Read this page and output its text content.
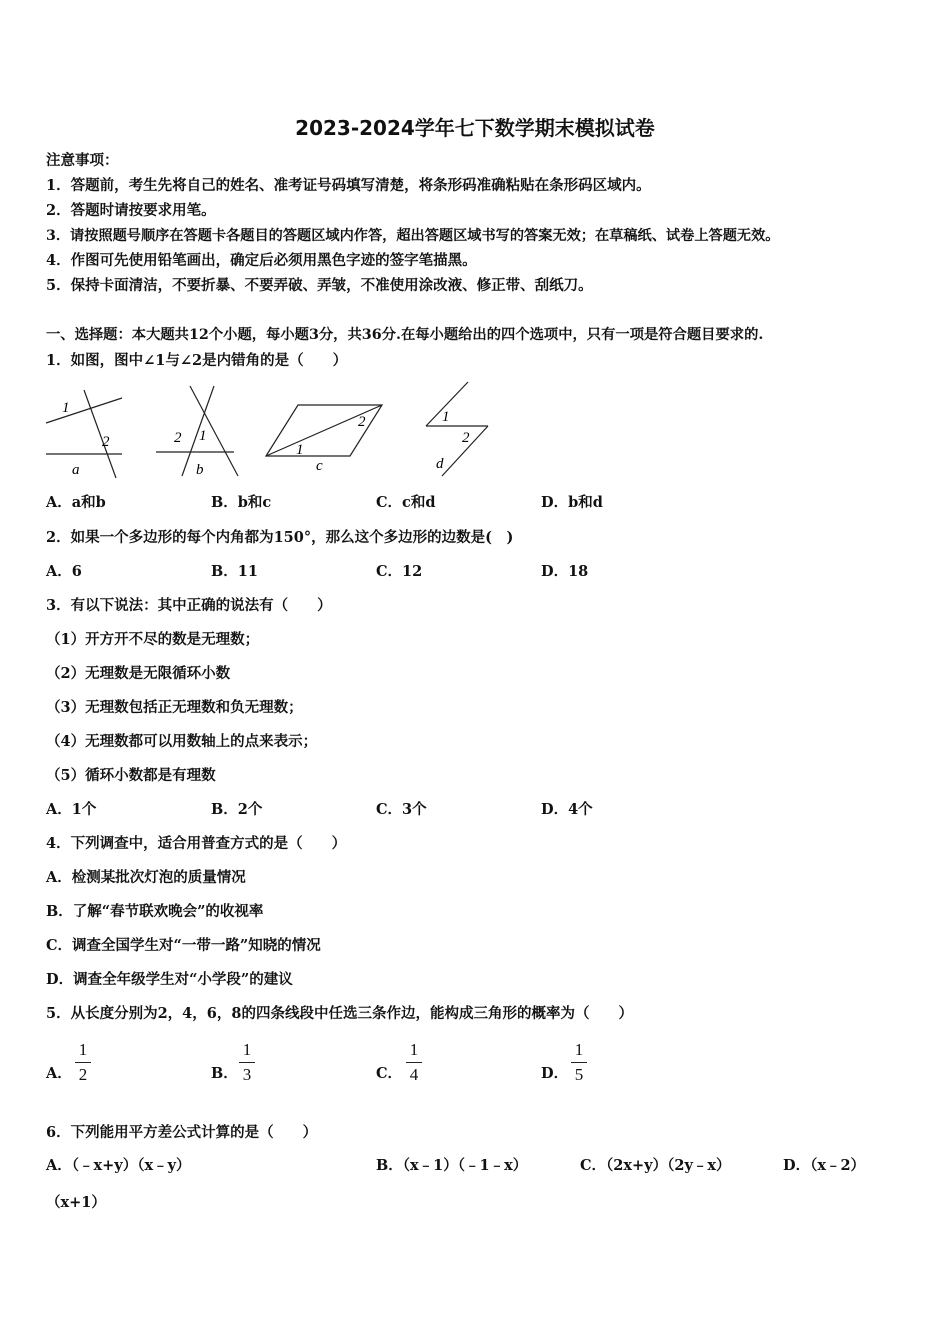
2023-2024学年七下数学期末模拟试卷
注意事项：
1．答题前，考生先将自己的姓名、准考证号码填写清楚，将条形码准确粘贴在条形码区域内。
2．答题时请按要求用笔。
3．请按照题号顺序在答题卡各题目的答题区域内作答，超出答题区域书写的答案无效；在草稿纸、试卷上答题无效。
4．作图可先使用铅笔画出，确定后必须用黑色字迹的签字笔描黑。
5．保持卡面清洁，不要折暴、不要弄破、弄皱，不准使用涂改液、修正带、刮纸刀。
一、选择题：本大题共12个小题，每小题3分，共36分.在每小题给出的四个选项中，只有一项是符合题目要求的.
1．如图，图中∠1与∠2是内错角的是（　　）
1
2
a
2 1
b
1
2
c
1
2
d
A．a和b	B．b和c	C．c和d	D．b和d
2．如果一个多边形的每个内角都为150°，那么这个多边形的边数是(　)
A．6	B．11	C．12	D．18
3．有以下说法：其中正确的说法有（　　）
（1）开方开不尽的数是无理数；
（2）无理数是无限循环小数
（3）无理数包括正无理数和负无理数；
（4）无理数都可以用数轴上的点来表示；
（5）循环小数都是有理数
A．1个	B．2个	C．3个	D．4个
4．下列调查中，适合用普查方式的是（　　）
A．检测某批次灯泡的质量情况
B．了解“春节联欢晚会”的收视率
C．调查全国学生对“一带一路”知晓的情况
D．调查全年级学生对“小学段”的建议
5．从长度分别为2，4，6，8的四条线段中任选三条作边，能构成三角形的概率为（　　）
A．
1
2	B．
1
3	C．
1
4	D．
1
5
6．下列能用平方差公式计算的是（　　）
A．（﹣x+y）（x﹣y）	B．（x﹣1）（﹣1﹣x）	C．（2x+y）（2y﹣x）	D．（x﹣2）
（x+1）
